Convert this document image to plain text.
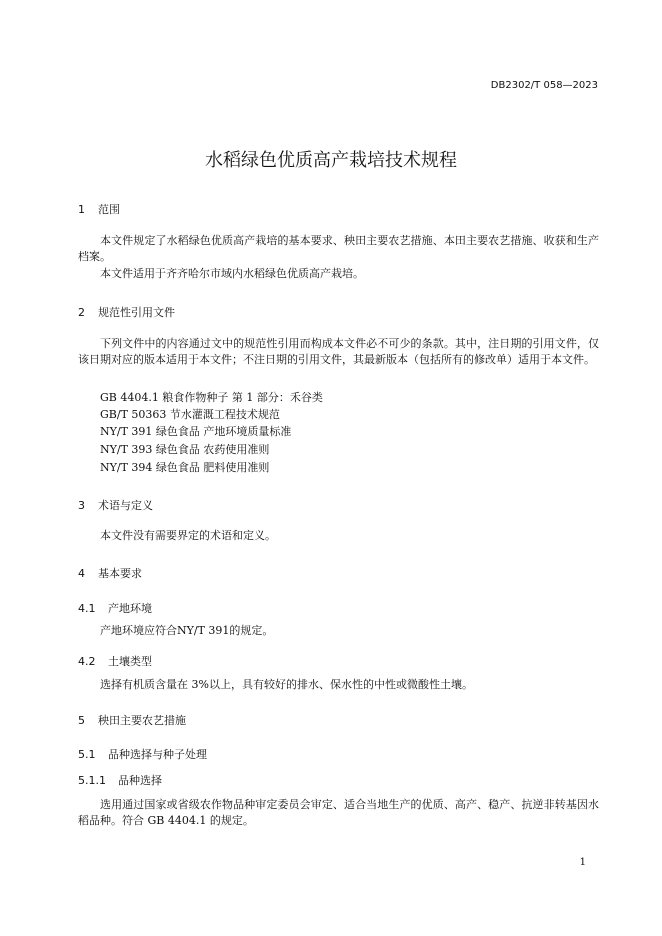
DB2302/T 058—2023
水稻绿色优质高产栽培技术规程
1 范围
本文件规定了水稻绿色优质高产栽培的基本要求、秧田主要农艺措施、本田主要农艺措施、收获和生产档案。
本文件适用于齐齐哈尔市域内水稻绿色优质高产栽培。
2 规范性引用文件
下列文件中的内容通过文中的规范性引用而构成本文件必不可少的条款。其中，注日期的引用文件，仅该日期对应的版本适用于本文件；不注日期的引用文件，其最新版本（包括所有的修改单）适用于本文件。
GB 4404.1 粮食作物种子 第 1 部分：禾谷类
GB/T 50363 节水灌溉工程技术规范
NY/T 391 绿色食品 产地环境质量标准
NY/T 393 绿色食品 农药使用准则
NY/T 394 绿色食品 肥料使用准则
3 术语与定义
本文件没有需要界定的术语和定义。
4 基本要求
4.1 产地环境
产地环境应符合NY/T 391的规定。
4.2 土壤类型
选择有机质含量在 3%以上，具有较好的排水、保水性的中性或微酸性土壤。
5 秧田主要农艺措施
5.1 品种选择与种子处理
5.1.1 品种选择
选用通过国家或省级农作物品种审定委员会审定、适合当地生产的优质、高产、稳产、抗逆非转基因水稻品种。符合 GB 4404.1 的规定。
1
